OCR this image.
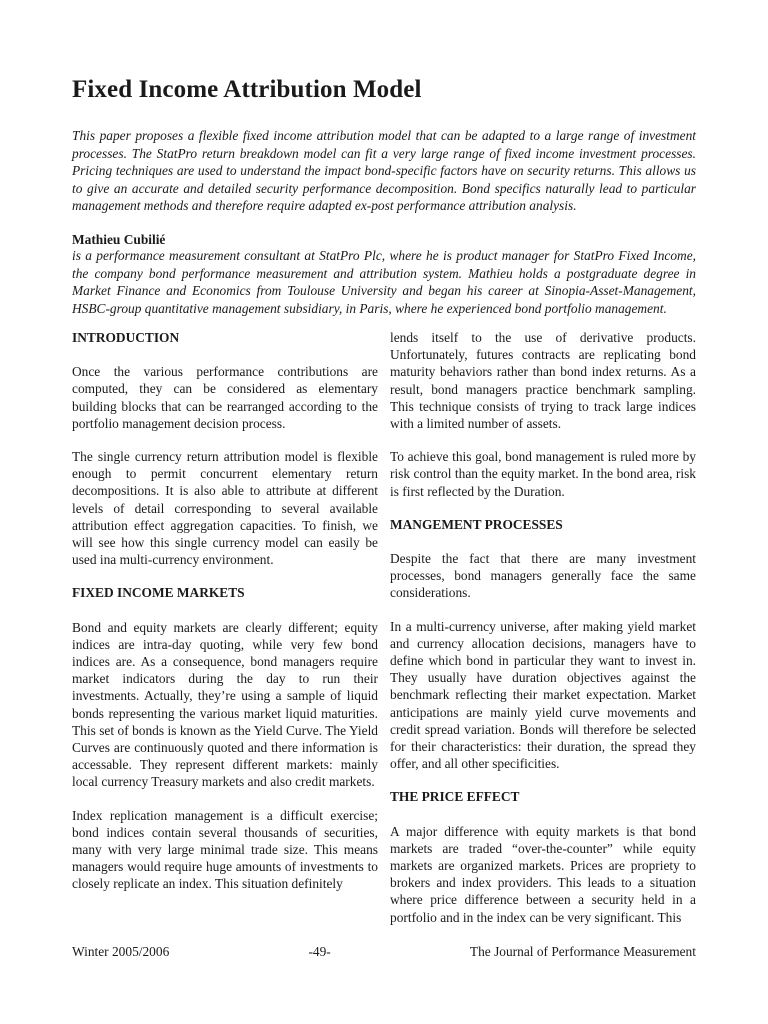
Fixed Income Attribution Model

This paper proposes a flexible fixed income attribution model that can be adapted to a large range of investment processes. The StatPro return breakdown model can fit a very large range of fixed income investment processes. Pricing techniques are used to understand the impact bond-specific factors have on security returns. This allows us to give an accurate and detailed security performance decomposition. Bond specifics naturally lead to particular management methods and therefore require adapted ex-post performance attribution analysis.

Mathieu Cubilié

is a performance measurement consultant at StatPro Plc, where he is product manager for StatPro Fixed Income, the company bond performance measurement and attribution system. Mathieu holds a postgraduate degree in Market Finance and Economics from Toulouse University and began his career at Sinopia-Asset-Management, HSBC-group quantitative management subsidiary, in Paris, where he experienced bond portfolio management.

INTRODUCTION

Once the various performance contributions are computed, they can be considered as elementary building blocks that can be rearranged according to the portfolio management decision process.

The single currency return attribution model is flexible enough to permit concurrent elementary return decompositions. It is also able to attribute at different levels of detail corresponding to several available attribution effect aggregation capacities. To finish, we will see how this single currency model can easily be used ina multi-currency environment.

FIXED INCOME MARKETS

Bond and equity markets are clearly different; equity indices are intra-day quoting, while very few bond indices are. As a consequence, bond managers require market indicators during the day to run their investments. Actually, they’re using a sample of liquid bonds representing the various market liquid maturities. This set of bonds is known as the Yield Curve. The Yield Curves are continuously quoted and there information is accessable. They represent different markets: mainly local currency Treasury markets and also credit markets.

Index replication management is a difficult exercise; bond indices contain several thousands of securities, many with very large minimal trade size. This means managers would require huge amounts of investments to closely replicate an index. This situation definitely

lends itself to the use of derivative products. Unfortunately, futures contracts are replicating bond maturity behaviors rather than bond index returns. As a result, bond managers practice benchmark sampling. This technique consists of trying to track large indices with a limited number of assets.

To achieve this goal, bond management is ruled more by risk control than the equity market. In the bond area, risk is first reflected by the Duration.

MANGEMENT PROCESSES

Despite the fact that there are many investment processes, bond managers generally face the same considerations.

In a multi-currency universe, after making yield market and currency allocation decisions, managers have to define which bond in particular they want to invest in. They usually have duration objectives against the benchmark reflecting their market expectation. Market anticipations are mainly yield curve movements and credit spread variation. Bonds will therefore be selected for their characteristics: their duration, the spread they offer, and all other specificities.

THE PRICE EFFECT

A major difference with equity markets is that bond markets are traded “over-the-counter” while equity markets are organized markets. Prices are propriety to brokers and index providers. This leads to a situation where price difference between a security held in a portfolio and in the index can be very significant. This

Winter 2005/2006	-49-	The Journal of Performance Measurement
